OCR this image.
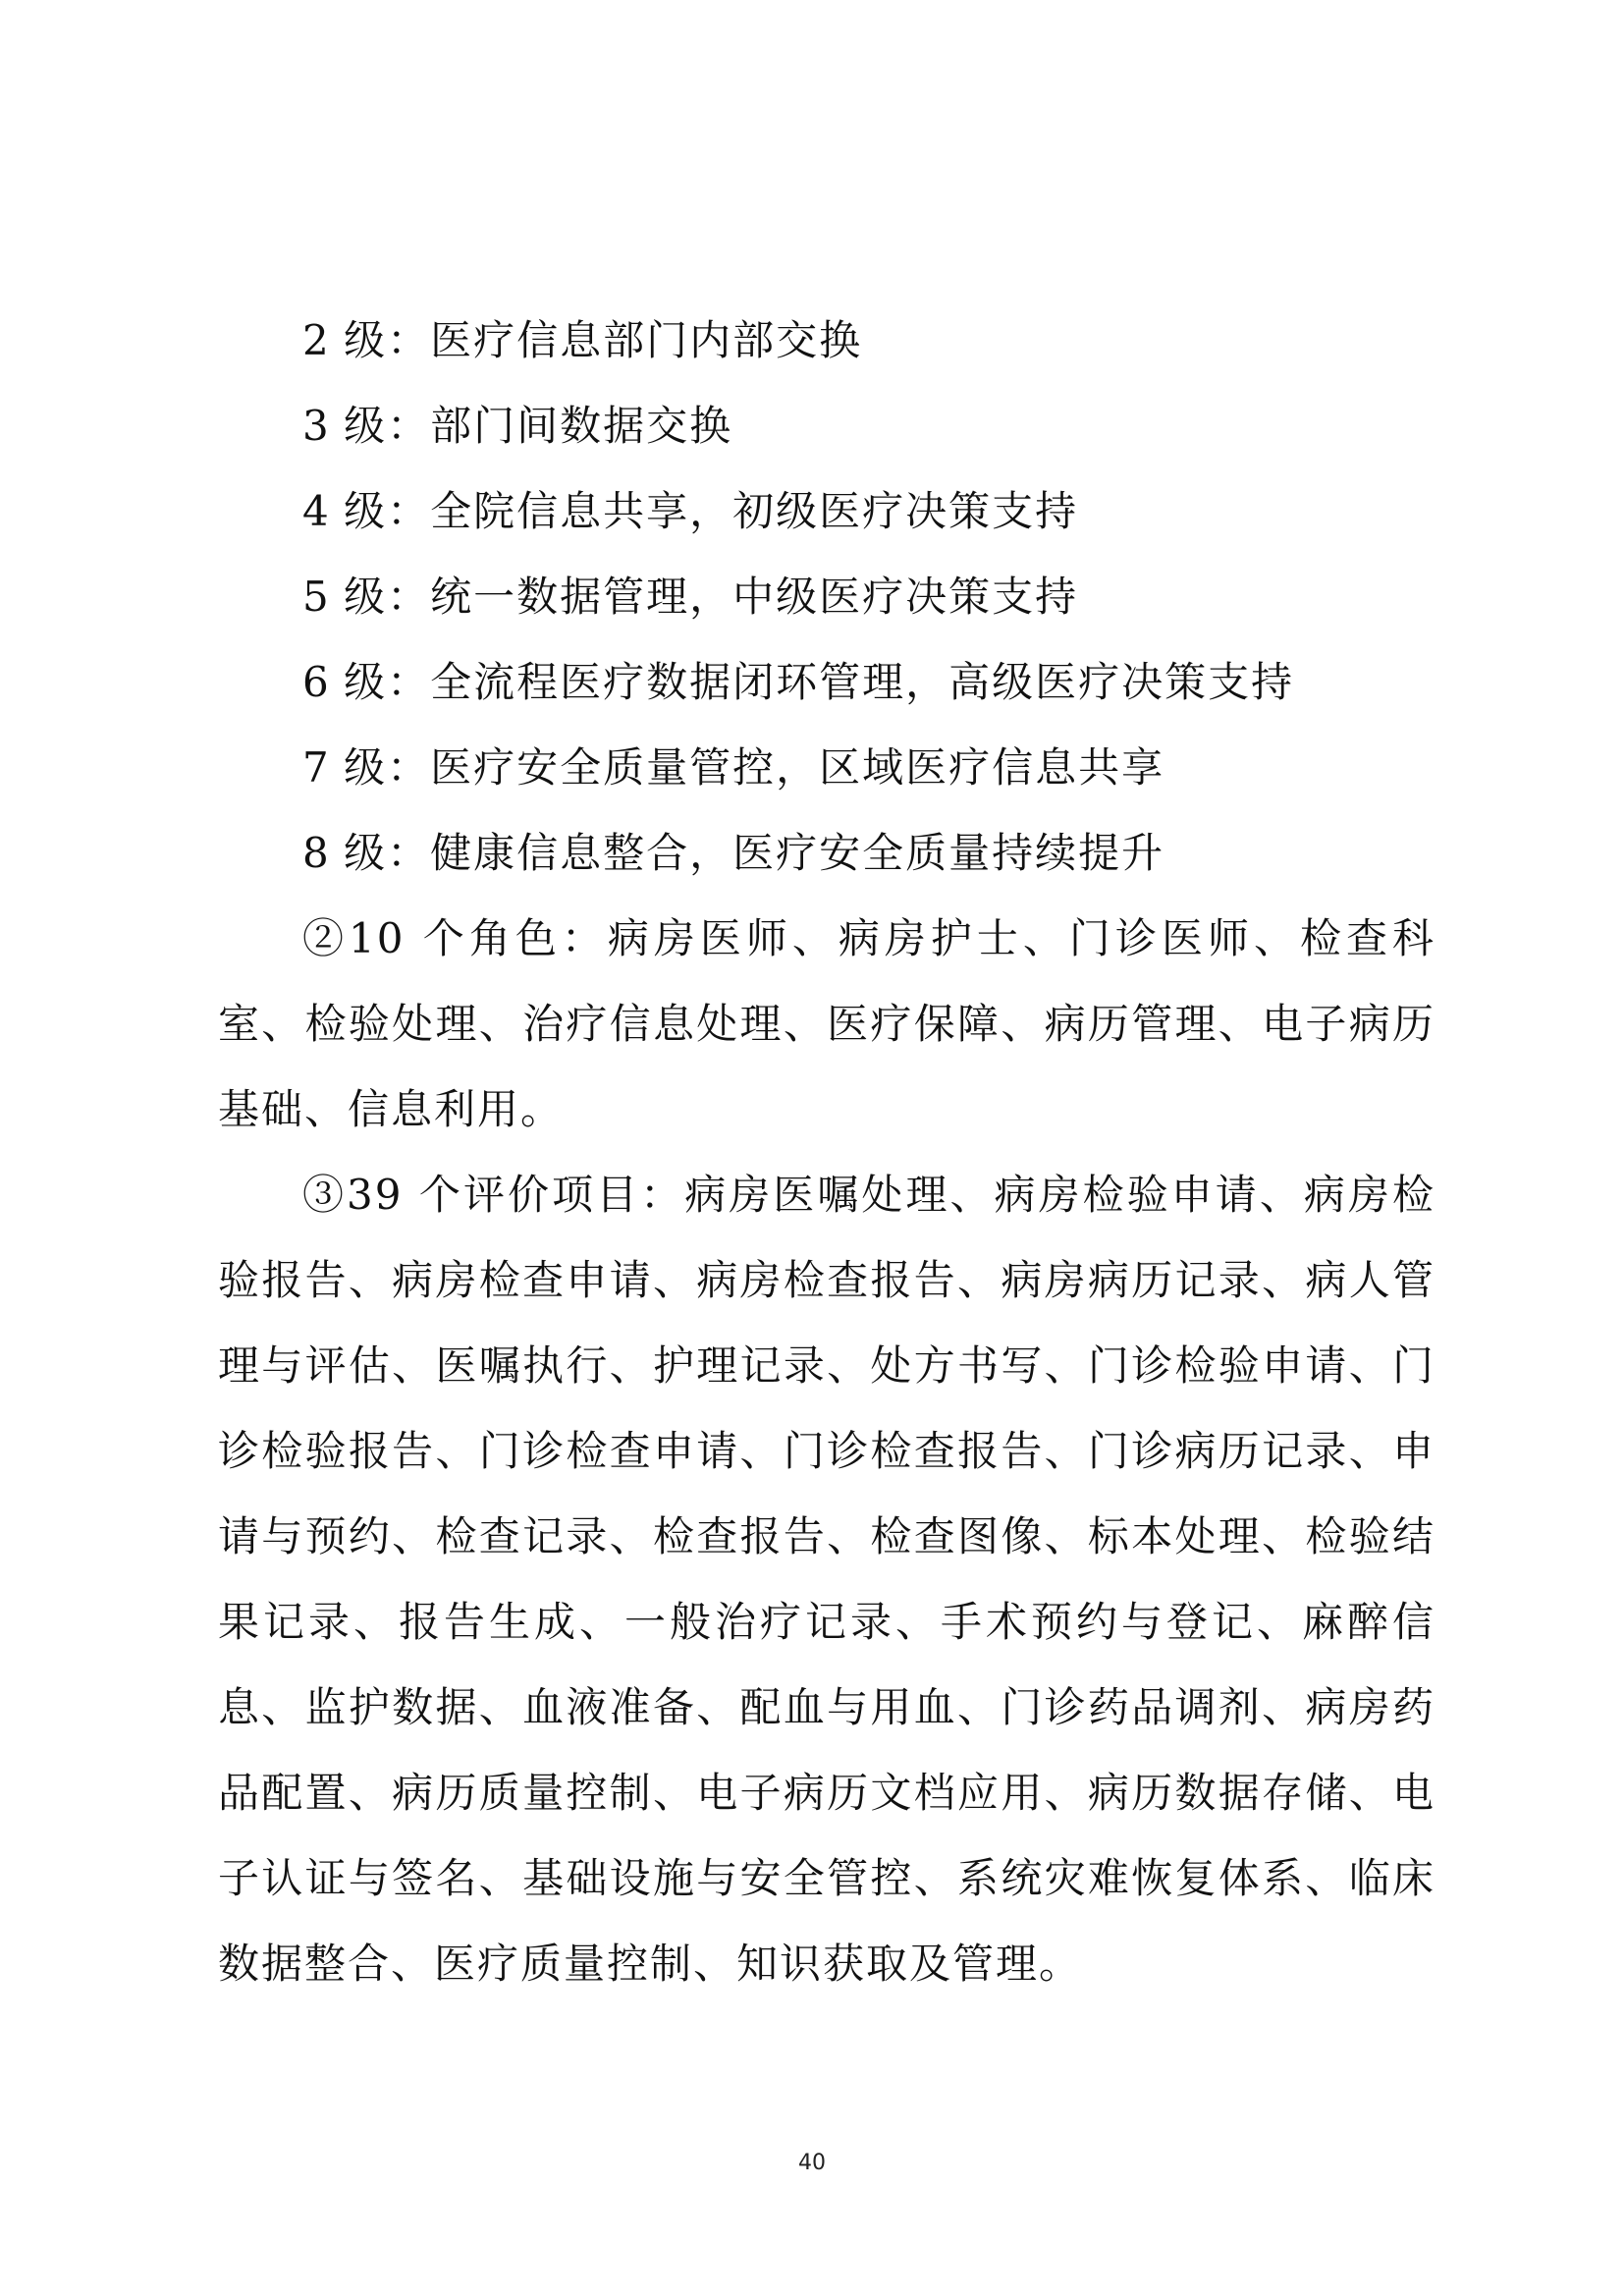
2 级：医疗信息部门内部交换
3 级：部门间数据交换
4 级：全院信息共享，初级医疗决策支持
5 级：统一数据管理，中级医疗决策支持
6 级：全流程医疗数据闭环管理，高级医疗决策支持
7 级：医疗安全质量管控，区域医疗信息共享
8 级：健康信息整合，医疗安全质量持续提升

②10 个角色：病房医师、病房护士、门诊医师、检查科室、检验处理、治疗信息处理、医疗保障、病历管理、电子病历基础、信息利用。

③39 个评价项目：病房医嘱处理、病房检验申请、病房检验报告、病房检查申请、病房检查报告、病房病历记录、病人管理与评估、医嘱执行、护理记录、处方书写、门诊检验申请、门诊检验报告、门诊检查申请、门诊检查报告、门诊病历记录、申请与预约、检查记录、检查报告、检查图像、标本处理、检验结果记录、报告生成、一般治疗记录、手术预约与登记、麻醉信息、监护数据、血液准备、配血与用血、门诊药品调剂、病房药品配置、病历质量控制、电子病历文档应用、病历数据存储、电子认证与签名、基础设施与安全管控、系统灾难恢复体系、临床数据整合、医疗质量控制、知识获取及管理。

40
